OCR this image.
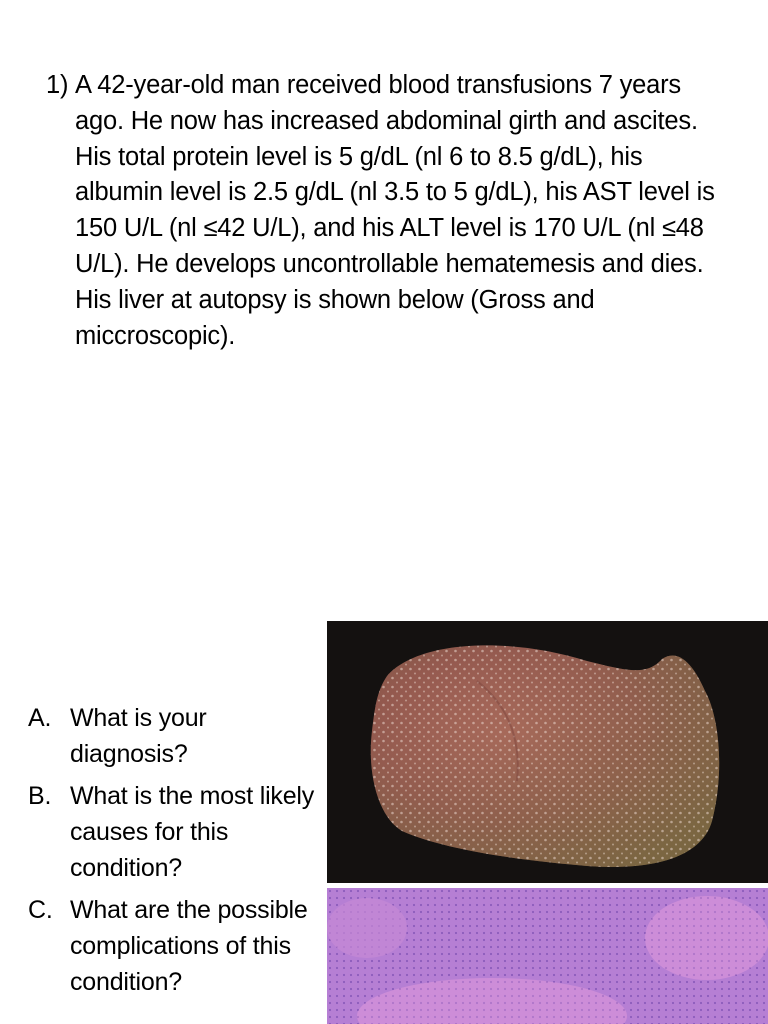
1) A 42-year-old man received blood transfusions 7 years ago. He now has increased abdominal girth and ascites. His total protein level is 5 g/dL (nl 6 to 8.5 g/dL), his albumin level is 2.5 g/dL (nl 3.5 to 5 g/dL), his AST level is 150 U/L (nl ≤42 U/L), and his ALT level is 170 U/L (nl ≤48 U/L). He develops uncontrollable hematemesis and dies. His liver at autopsy is shown below (Gross and miccroscopic).
A. What is your diagnosis?
B. What is the most likely causes for this condition?
C. What are the possible complications of this condition?
